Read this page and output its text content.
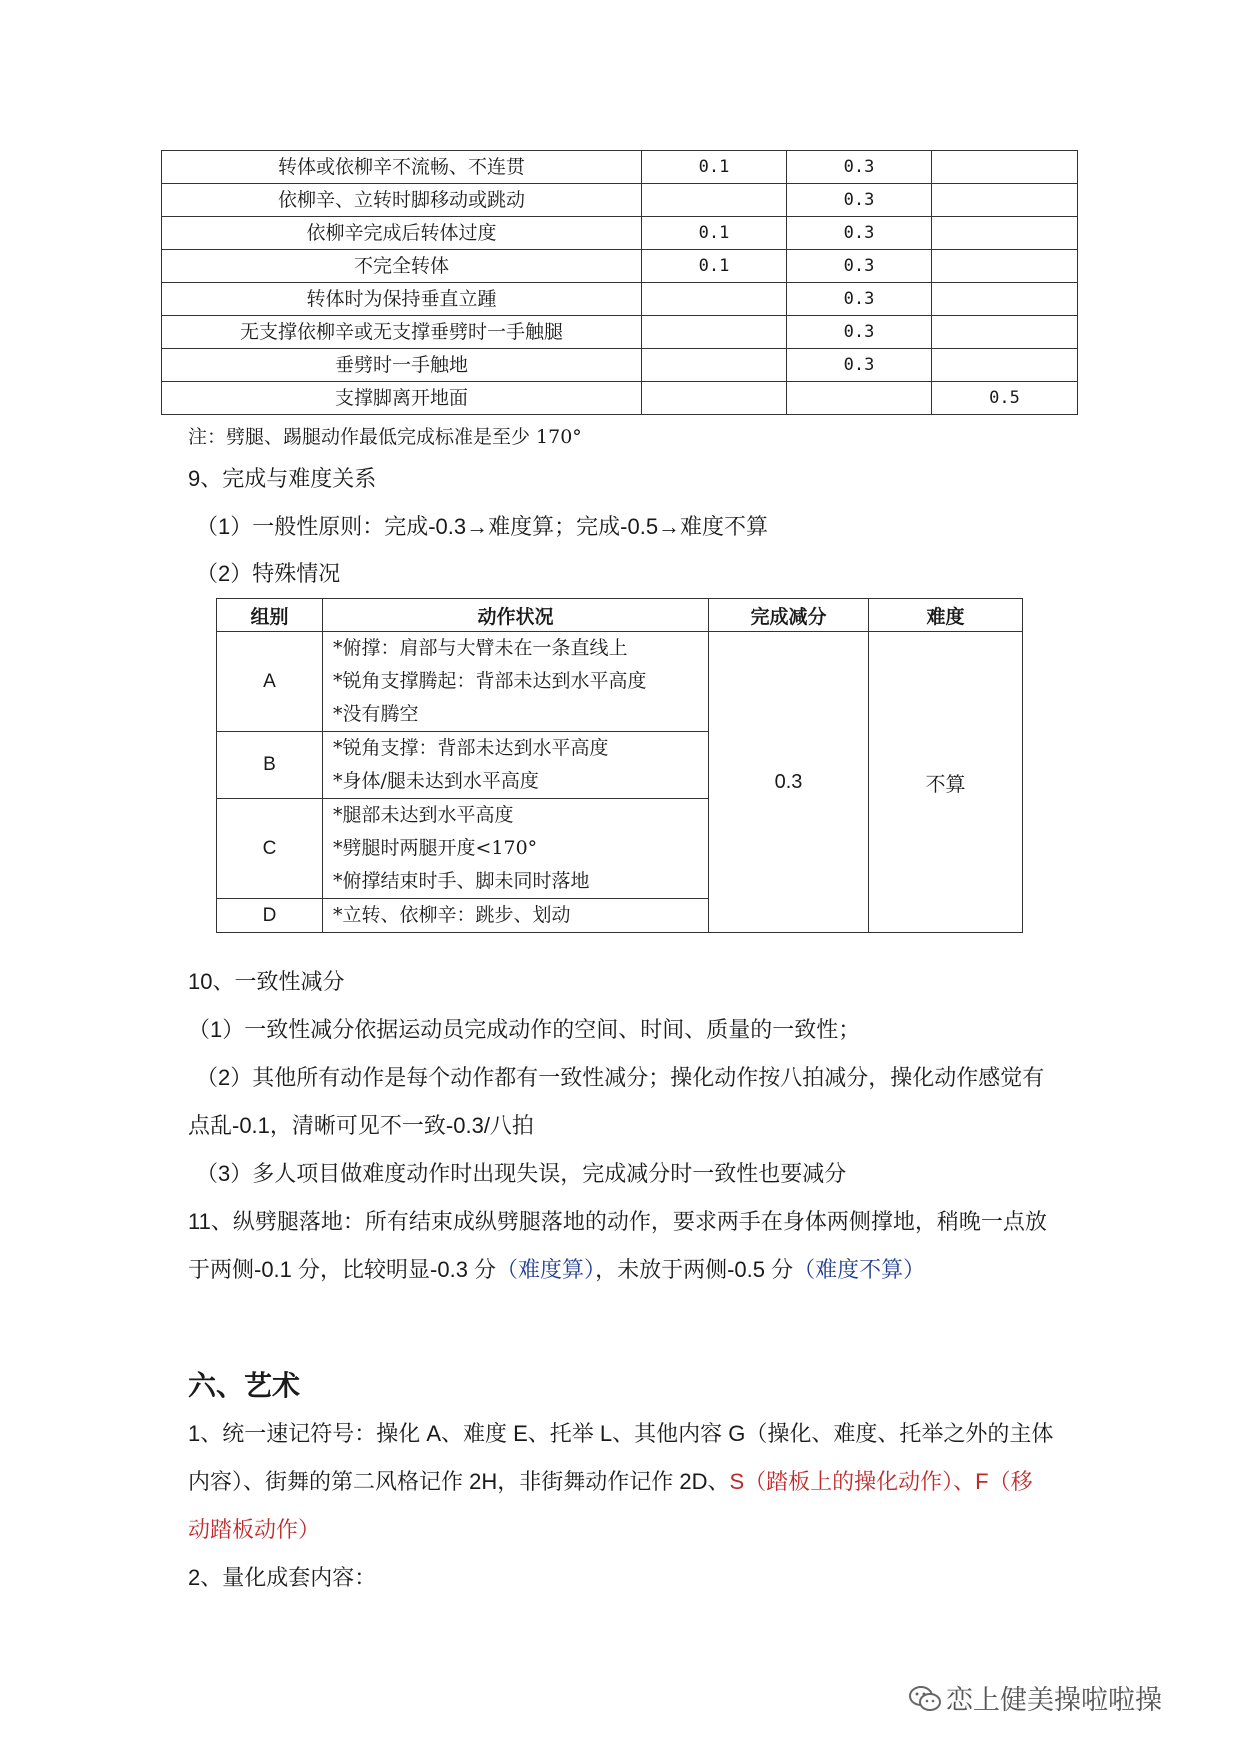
转体或依柳辛不流畅、不连贯	0.1	0.3	
依柳辛、立转时脚移动或跳动		0.3	
依柳辛完成后转体过度	0.1	0.3	
不完全转体	0.1	0.3	
转体时为保持垂直立踵		0.3	
无支撑依柳辛或无支撑垂劈时一手触腿		0.3	
垂劈时一手触地		0.3	
支撑脚离开地面			0.5
注：劈腿、踢腿动作最低完成标准是至少 170°
9、完成与难度关系
（1）一般性原则：完成-0.3→难度算；完成-0.5→难度不算
（2）特殊情况
组别	动作状况	完成减分	难度
A	*俯撑：肩部与大臂未在一条直线上
*锐角支撑腾起：背部未达到水平高度
*没有腾空	0.3	不算
B	*锐角支撑：背部未达到水平高度
*身体/腿未达到水平高度		

C	*腿部未达到水平高度
*劈腿时两腿开度<170°
*俯撑结束时手、脚未同时落地		

D	*立转、依柳辛：跳步、划动		
10、一致性减分
（1）一致性减分依据运动员完成动作的空间、时间、质量的一致性；
（2）其他所有动作是每个动作都有一致性减分；操化动作按八拍减分，操化动作感觉有点乱-0.1，清晰可见不一致-0.3/八拍
（3）多人项目做难度动作时出现失误，完成减分时一致性也要减分
11、纵劈腿落地：所有结束成纵劈腿落地的动作，要求两手在身体两侧撑地，稍晚一点放于两侧-0.1 分，比较明显-0.3 分（难度算），未放于两侧-0.5 分（难度不算）
六、艺术
1、统一速记符号：操化 A、难度 E、托举 L、其他内容 G（操化、难度、托举之外的主体内容）、街舞的第二风格记作 2H，非街舞动作记作 2D、S（踏板上的操化动作）、F（移动踏板动作）
2、量化成套内容：
恋上健美操啦啦操
